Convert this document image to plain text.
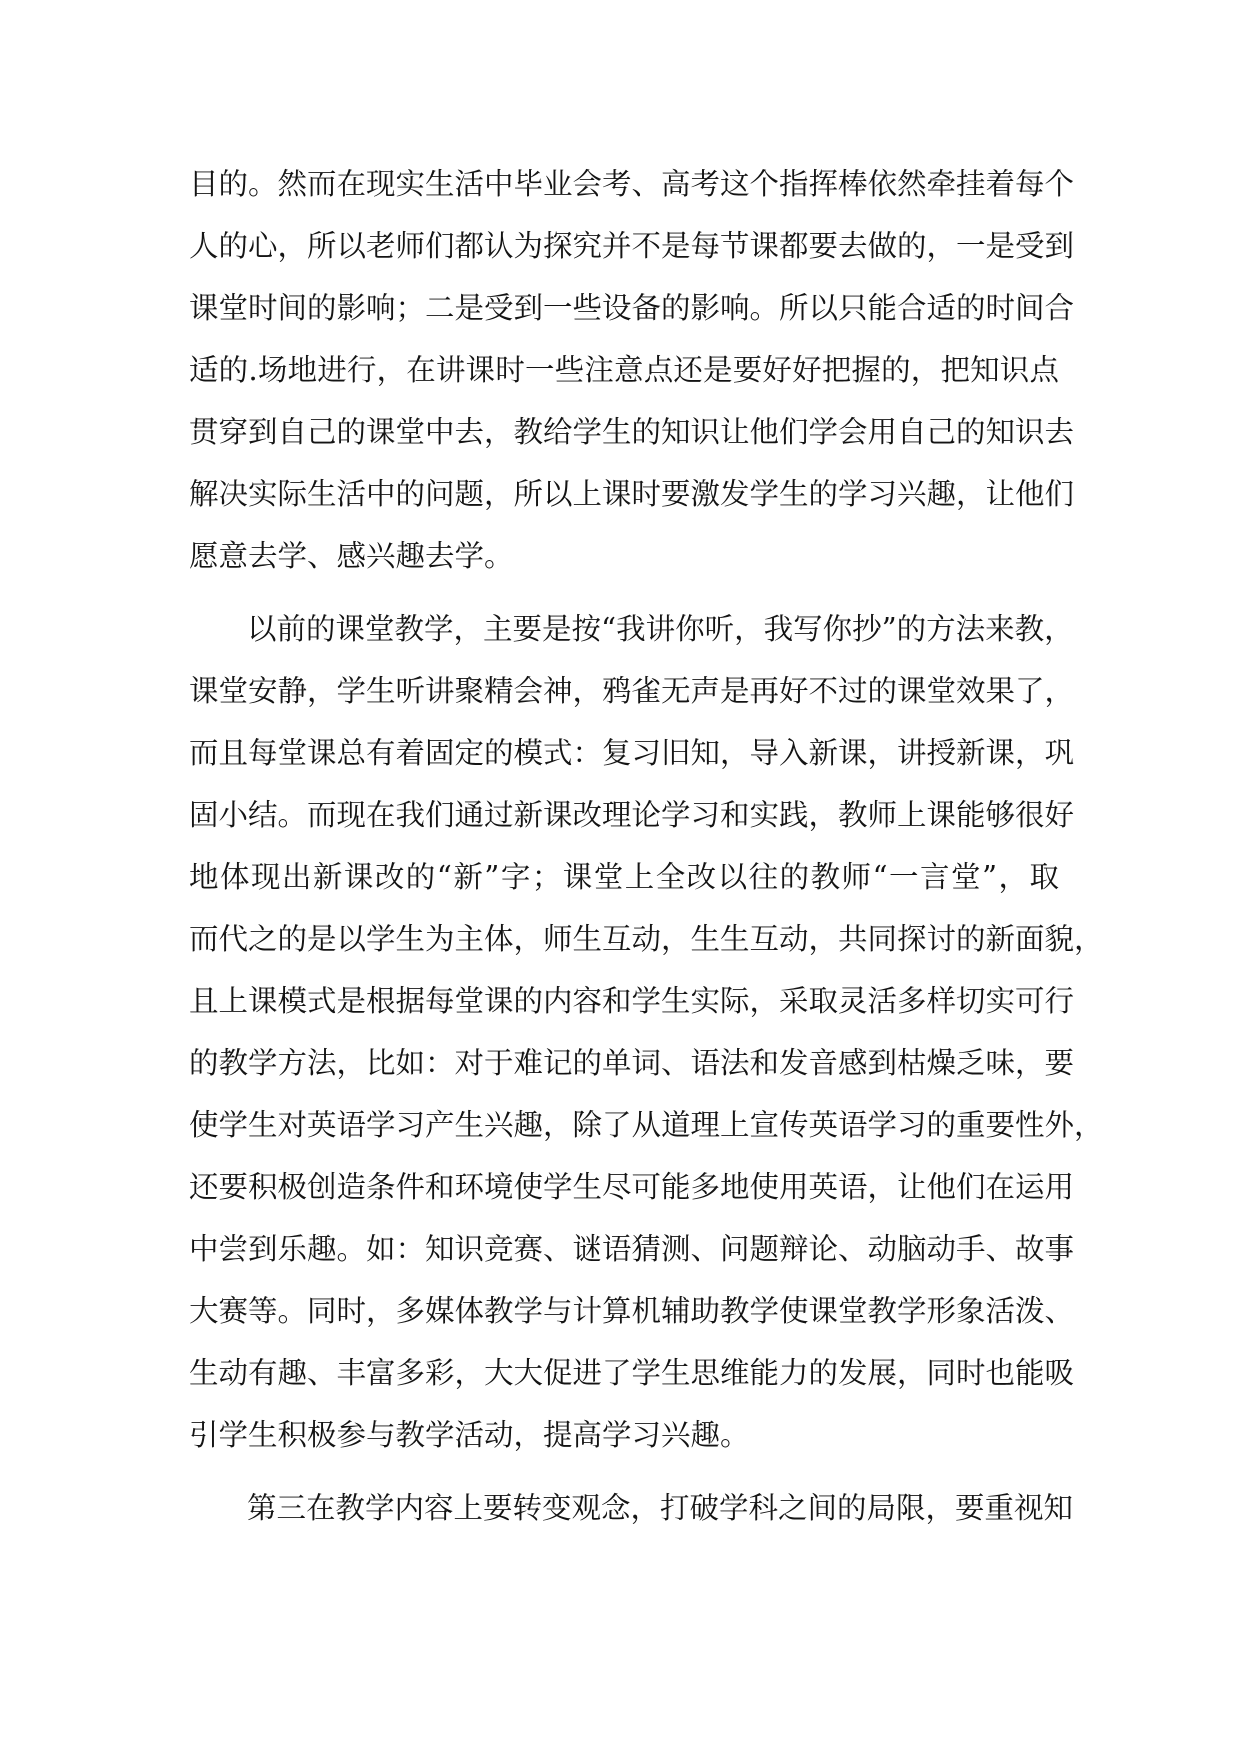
目的。然而在现实生活中毕业会考、高考这个指挥棒依然牵挂着每个
人的心，所以老师们都认为探究并不是每节课都要去做的，一是受到
课堂时间的影响；二是受到一些设备的影响。所以只能合适的时间合
适的.场地进行，在讲课时一些注意点还是要好好把握的，把知识点
贯穿到自己的课堂中去，教给学生的知识让他们学会用自己的知识去
解决实际生活中的问题，所以上课时要激发学生的学习兴趣，让他们
愿意去学、感兴趣去学。
以前的课堂教学，主要是按“我讲你听，我写你抄”的方法来教，
课堂安静，学生听讲聚精会神，鸦雀无声是再好不过的课堂效果了，
而且每堂课总有着固定的模式：复习旧知，导入新课，讲授新课，巩
固小结。而现在我们通过新课改理论学习和实践，教师上课能够很好
地体现出新课改的“新”字；课堂上全改以往的教师“一言堂”，取
而代之的是以学生为主体，师生互动，生生互动，共同探讨的新面貌，
且上课模式是根据每堂课的内容和学生实际，采取灵活多样切实可行
的教学方法，比如：对于难记的单词、语法和发音感到枯燥乏味，要
使学生对英语学习产生兴趣，除了从道理上宣传英语学习的重要性外，
还要积极创造条件和环境使学生尽可能多地使用英语，让他们在运用
中尝到乐趣。如：知识竞赛、谜语猜测、问题辩论、动脑动手、故事
大赛等。同时，多媒体教学与计算机辅助教学使课堂教学形象活泼、
生动有趣、丰富多彩，大大促进了学生思维能力的发展，同时也能吸
引学生积极参与教学活动，提高学习兴趣。
第三在教学内容上要转变观念，打破学科之间的局限，要重视知
